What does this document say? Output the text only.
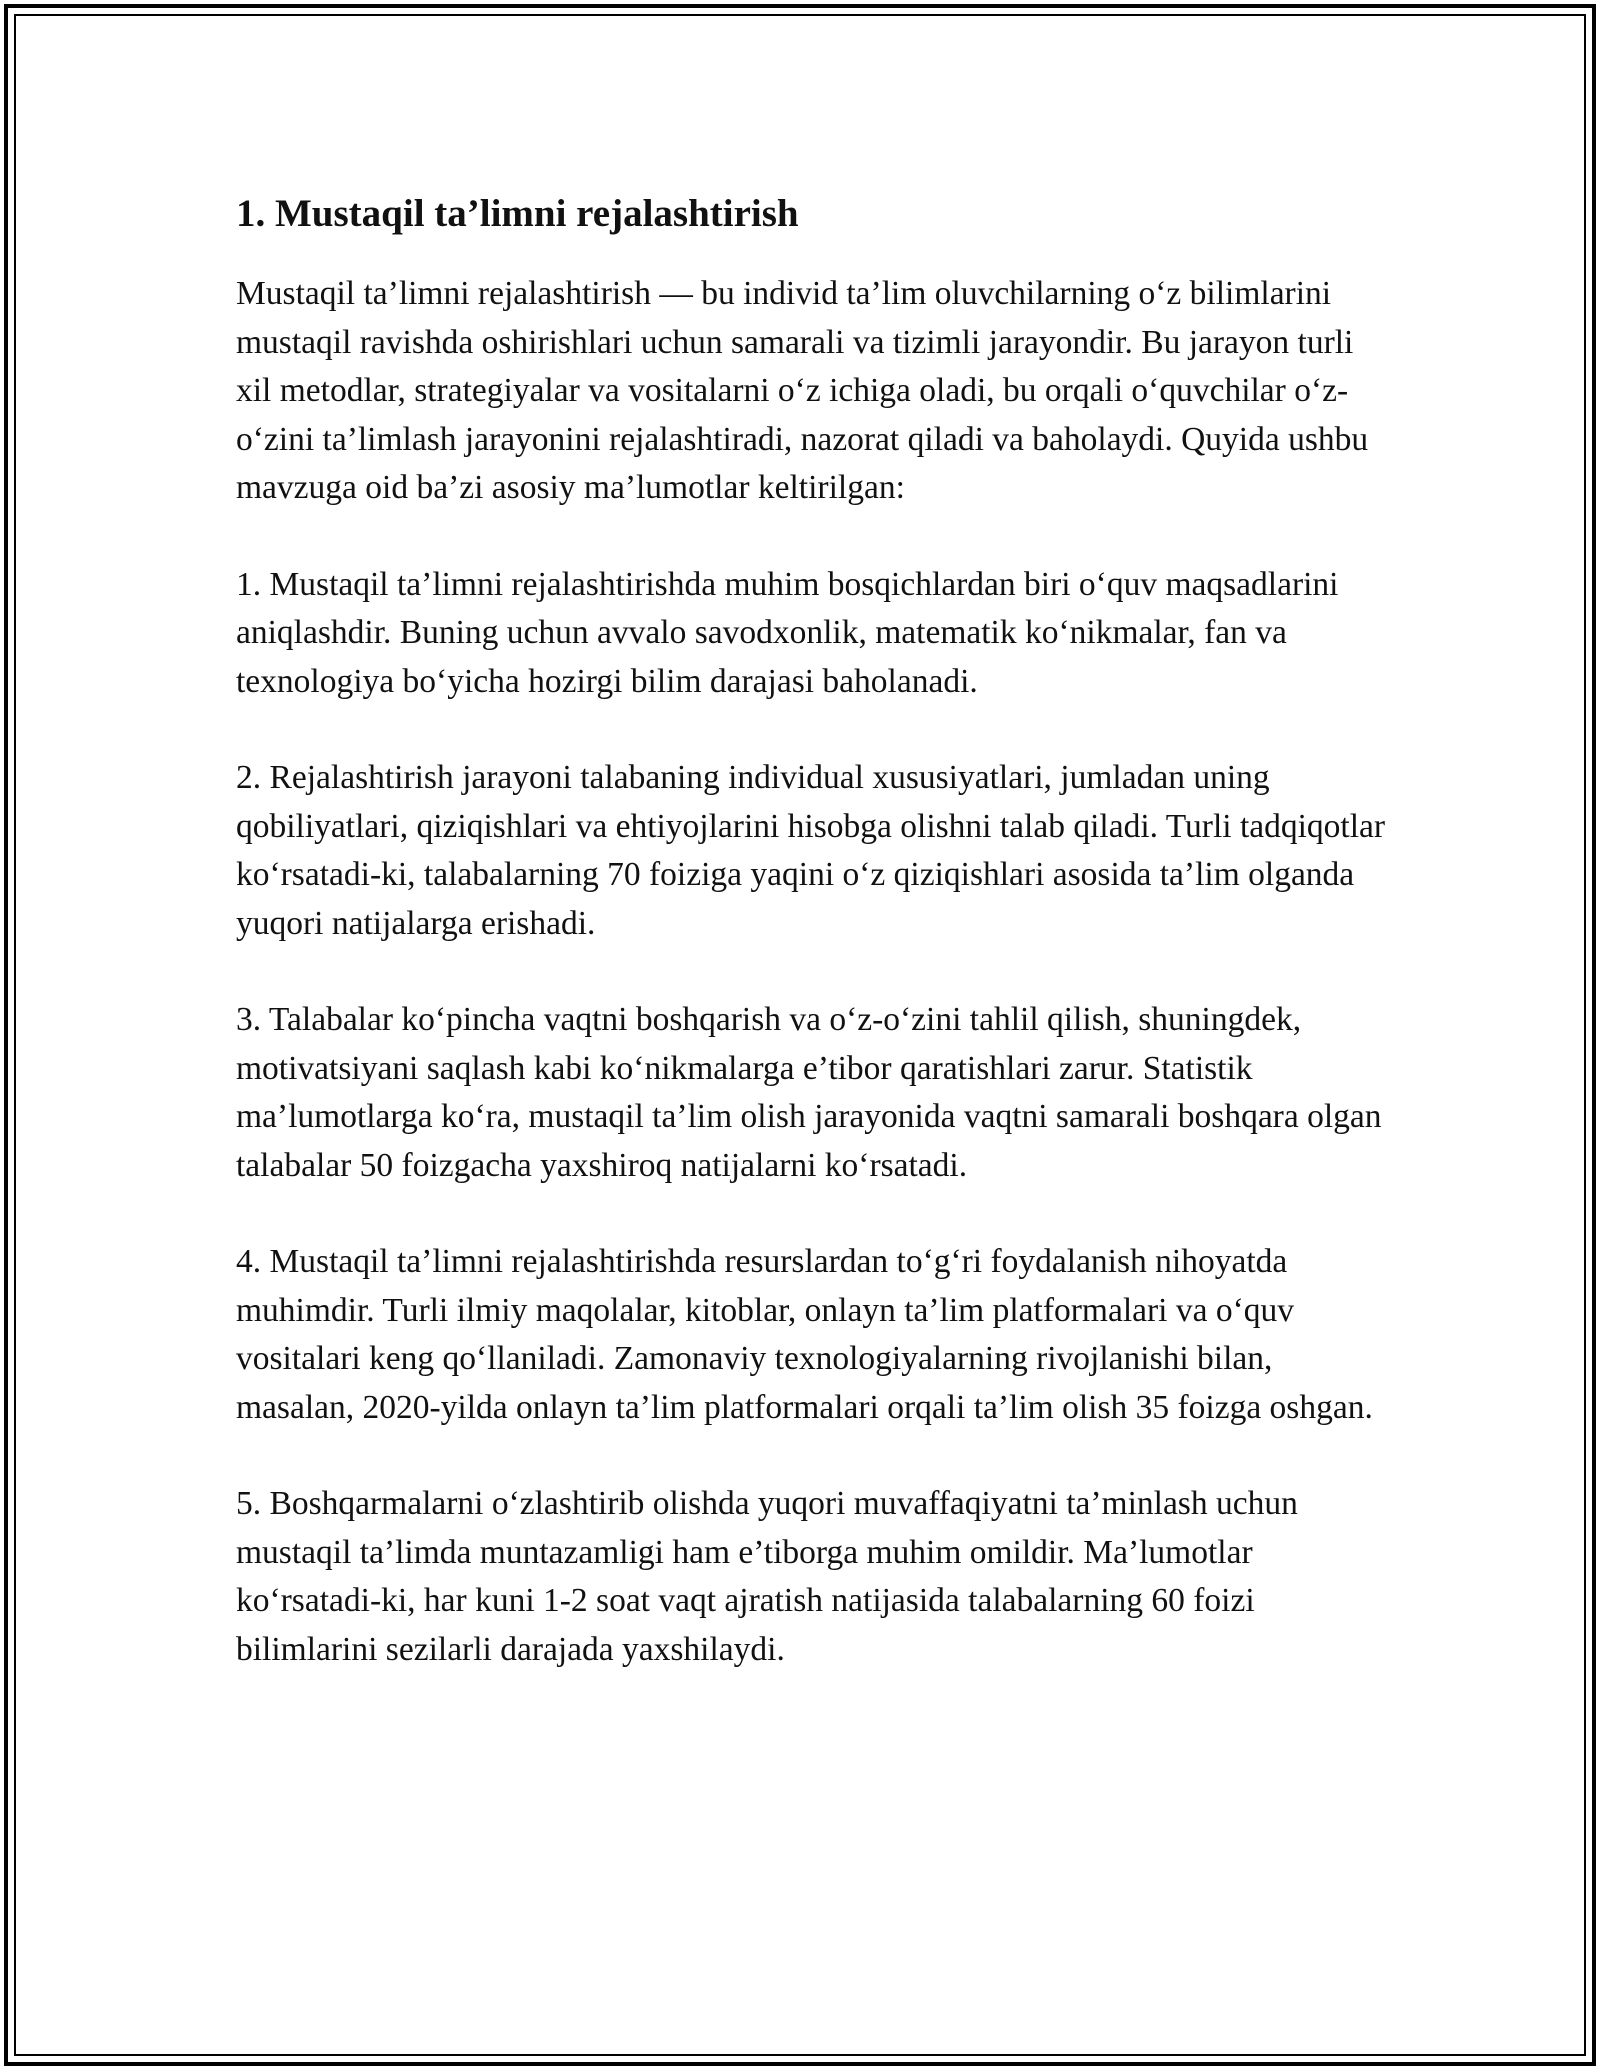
1. Mustaqil ta’limni rejalashtirish

Mustaqil ta’limni rejalashtirish — bu individ ta’lim oluvchilarning o‘z bilimlarini mustaqil ravishda oshirishlari uchun samarali va tizimli jarayondir. Bu jarayon turli xil metodlar, strategiyalar va vositalarni o‘z ichiga oladi, bu orqali o‘quvchilar o‘z-o‘zini ta’limlash jarayonini rejalashtiradi, nazorat qiladi va baholaydi. Quyida ushbu mavzuga oid ba’zi asosiy ma’lumotlar keltirilgan:

1. Mustaqil ta’limni rejalashtirishda muhim bosqichlardan biri o‘quv maqsadlarini aniqlashdir. Buning uchun avvalo savodxonlik, matematik ko‘nikmalar, fan va texnologiya bo‘yicha hozirgi bilim darajasi baholanadi.

2. Rejalashtirish jarayoni talabaning individual xususiyatlari, jumladan uning qobiliyatlari, qiziqishlari va ehtiyojlarini hisobga olishni talab qiladi. Turli tadqiqotlar ko‘rsatadi-ki, talabalarning 70 foiziga yaqini o‘z qiziqishlari asosida ta’lim olganda yuqori natijalarga erishadi.

3. Talabalar ko‘pincha vaqtni boshqarish va o‘z-o‘zini tahlil qilish, shuningdek, motivatsiyani saqlash kabi ko‘nikmalarga e’tibor qaratishlari zarur. Statistik ma’lumotlarga ko‘ra, mustaqil ta’lim olish jarayonida vaqtni samarali boshqara olgan talabalar 50 foizgacha yaxshiroq natijalarni ko‘rsatadi.

4. Mustaqil ta’limni rejalashtirishda resurslardan to‘g‘ri foydalanish nihoyatda muhimdir. Turli ilmiy maqolalar, kitoblar, onlayn ta’lim platformalari va o‘quv vositalari keng qo‘llaniladi. Zamonaviy texnologiyalarning rivojlanishi bilan, masalan, 2020-yilda onlayn ta’lim platformalari orqali ta’lim olish 35 foizga oshgan.

5. Boshqarmalarni o‘zlashtirib olishda yuqori muvaffaqiyatni ta’minlash uchun mustaqil ta’limda muntazamligi ham e’tiborga muhim omildir. Ma’lumotlar ko‘rsatadi-ki, har kuni 1-2 soat vaqt ajratish natijasida talabalarning 60 foizi bilimlarini sezilarli darajada yaxshilaydi.
